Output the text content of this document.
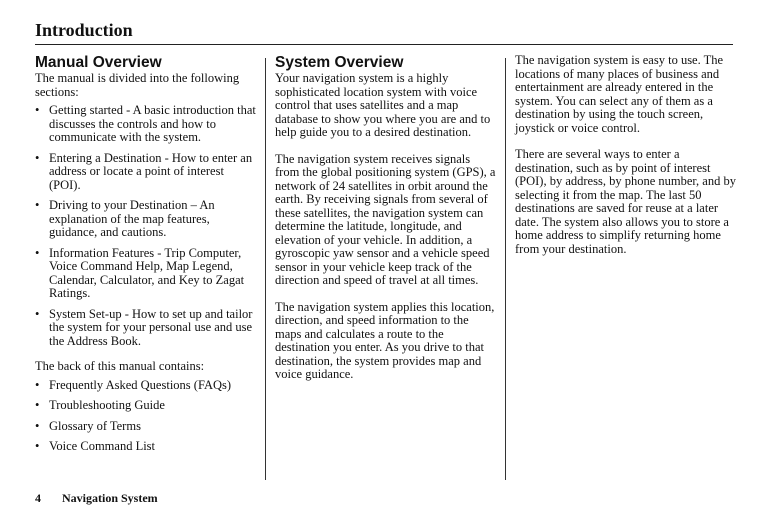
Introduction
Manual Overview

The manual is divided into the following sections:

• Getting started - A basic introduction that discusses the controls and how to communicate with the system.
• Entering a Destination - How to enter an address or locate a point of interest (POI).
• Driving to your Destination – An explanation of the map features, guidance, and cautions.
• Information Features - Trip Computer, Voice Command Help, Map Legend, Calendar, Calculator, and Key to Zagat Ratings.
• System Set-up - How to set up and tailor the system for your personal use and use the Address Book.

The back of this manual contains:

• Frequently Asked Questions (FAQs)
• Troubleshooting Guide
• Glossary of Terms
• Voice Command List
System Overview

Your navigation system is a highly sophisticated location system with voice control that uses satellites and a map database to show you where you are and to help guide you to a desired destination.

The navigation system receives signals from the global positioning system (GPS), a network of 24 satellites in orbit around the earth. By receiving signals from several of these satellites, the navigation system can determine the latitude, longitude, and elevation of your vehicle. In addition, a gyroscopic yaw sensor and a vehicle speed sensor in your vehicle keep track of the direction and speed of travel at all times.

The navigation system applies this location, direction, and speed information to the maps and calculates a route to the destination you enter. As you drive to that destination, the system provides map and voice guidance.

The navigation system is easy to use. The locations of many places of business and entertainment are already entered in the system. You can select any of them as a destination by using the touch screen, joystick or voice control.

There are several ways to enter a destination, such as by point of interest (POI), by address, by phone number, and by selecting it from the map. The last 50 destinations are saved for reuse at a later date. The system also allows you to store a home address to simplify returning home from your destination.

4 Navigation System
